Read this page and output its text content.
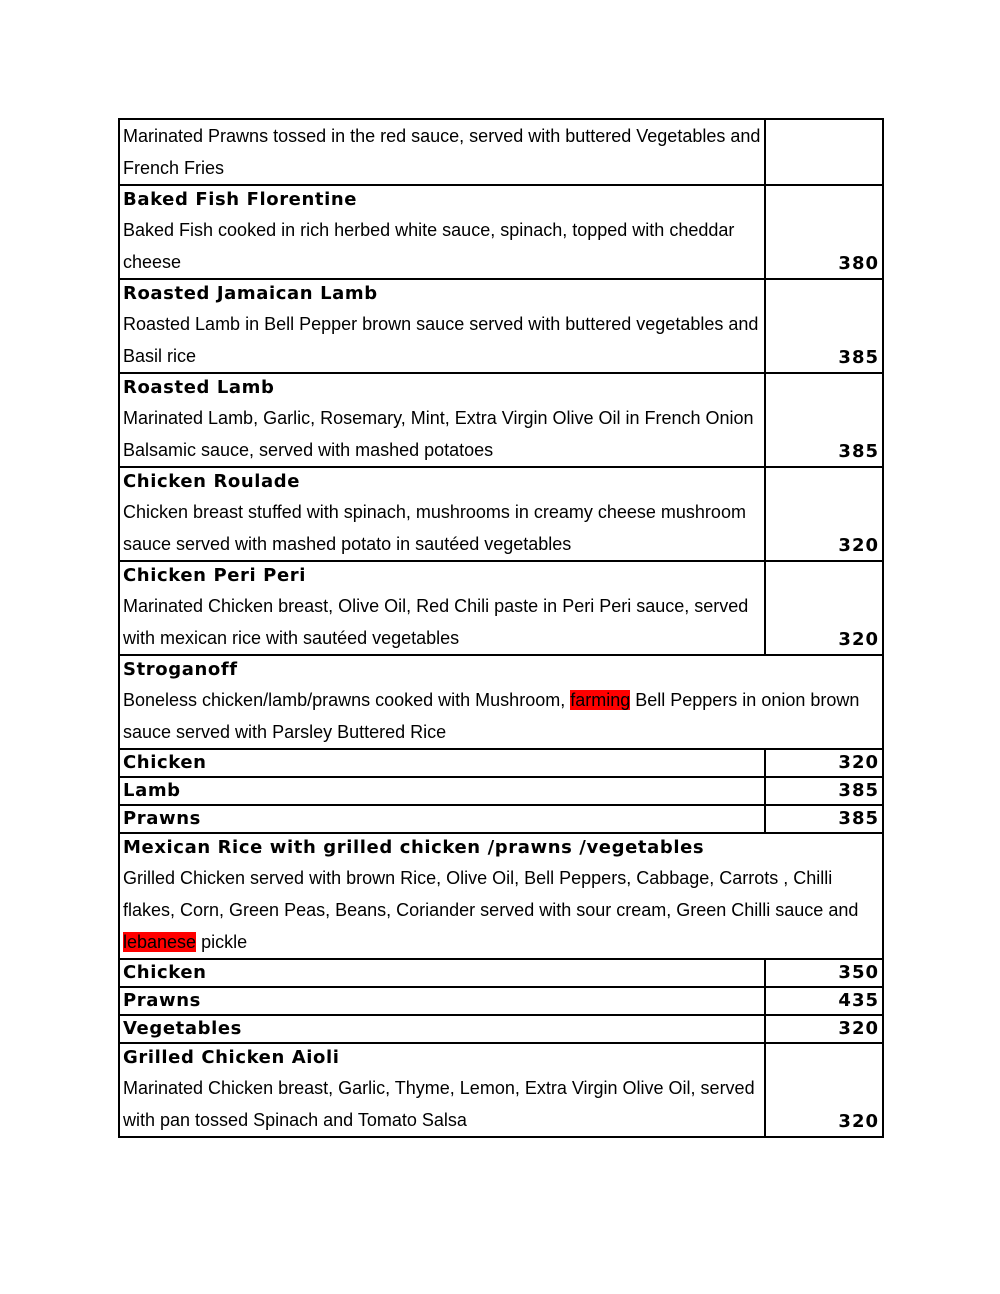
Marinated Prawns tossed in the red sauce, served with buttered Vegetables and French Fries	

Baked Fish Florentine
Baked Fish cooked in rich herbed white sauce, spinach, topped with cheddar cheese	380

Roasted Jamaican Lamb
Roasted Lamb in Bell Pepper brown sauce served with buttered vegetables and Basil rice	385

Roasted Lamb
Marinated Lamb, Garlic, Rosemary, Mint, Extra Virgin Olive Oil in French Onion Balsamic sauce, served with mashed potatoes	385

Chicken Roulade
Chicken breast stuffed with spinach, mushrooms in creamy cheese mushroom sauce served with mashed potato in sautéed vegetables	320

Chicken Peri Peri
Marinated Chicken breast, Olive Oil, Red Chili paste in Peri Peri sauce, served with mexican rice with sautéed vegetables	320

Stroganoff
Boneless chicken/lamb/prawns cooked with Mushroom, farming Bell Peppers in onion brown sauce served with Parsley Buttered Rice	

Chicken	320

Lamb	385

Prawns	385

Mexican Rice with grilled chicken /prawns /vegetables
Grilled Chicken served with brown Rice, Olive Oil, Bell Peppers, Cabbage, Carrots , Chilli flakes, Corn, Green Peas, Beans, Coriander served with sour cream, Green Chilli sauce and lebanese pickle	

Chicken	350

Prawns	435

Vegetables	320

Grilled Chicken Aioli
Marinated Chicken breast, Garlic, Thyme, Lemon, Extra Virgin Olive Oil, served with pan tossed Spinach and Tomato Salsa	320
